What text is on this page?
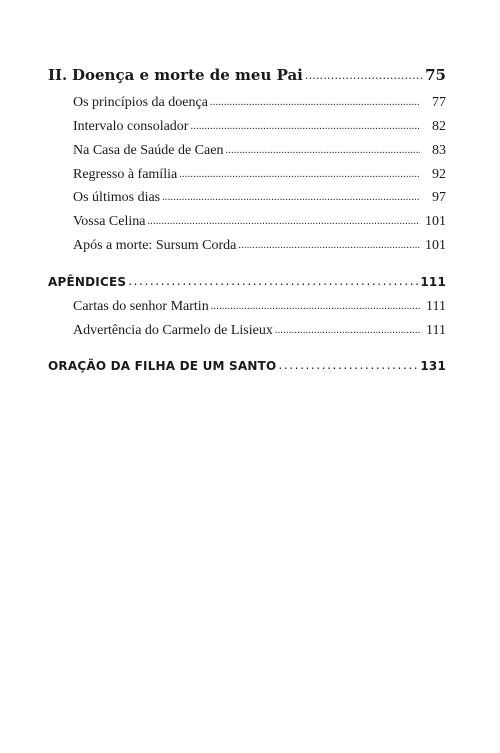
II. Doença e morte de meu Pai .....	75
Os princípios da doença .....	77
Intervalo consolador .....	82
Na Casa de Saúde de Caen .....	83
Regresso à família .....	92
Os últimos dias .....	97
Vossa Celina .....	101
Após a morte: Sursum Corda .....	101
APÊNDICES .....	111
Cartas do senhor Martin .....	111
Advertência do Carmelo de Lisieux .....	111
ORAÇÃO DA FILHA DE UM SANTO .....	131
